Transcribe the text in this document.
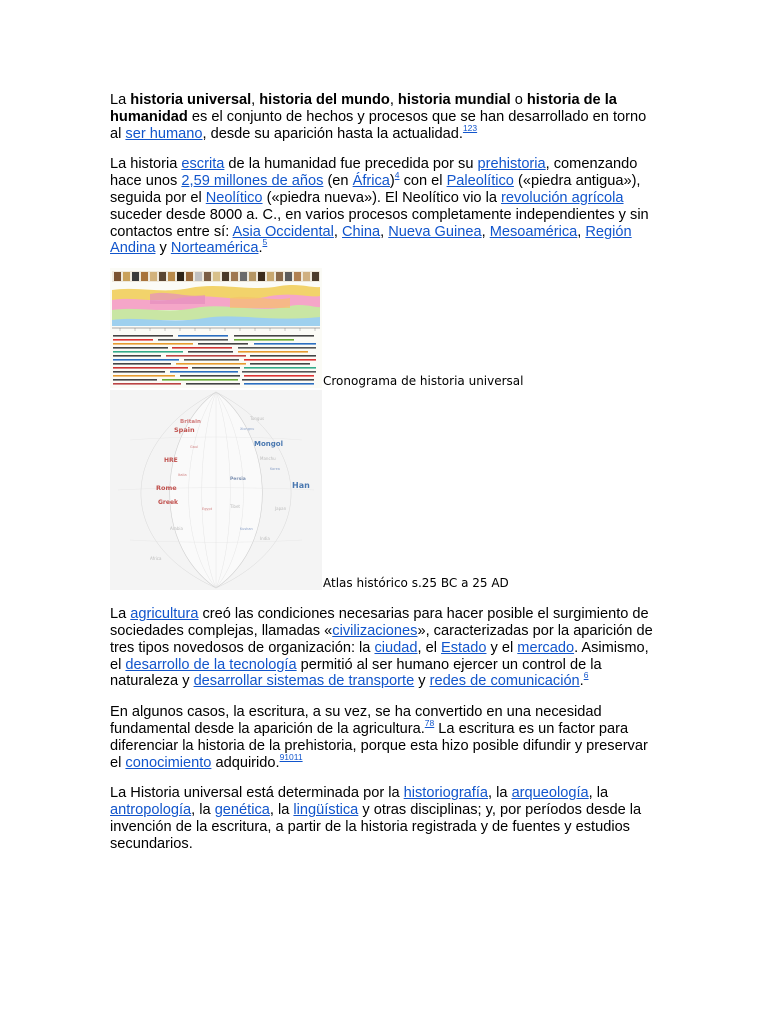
La historia universal, historia del mundo, historia mundial o historia de la humanidad es el conjunto de hechos y procesos que se han desarrollado en torno al ser humano, desde su aparición hasta la actualidad.$^{123}$

La historia escrita de la humanidad fue precedida por su prehistoria, comenzando hace unos 2,59 millones de años (en África)$^4$ con el Paleolítico («piedra antigua»), seguida por el Neolítico («piedra nueva»). El Neolítico vio la revolución agrícola suceder desde 8000 a. C., en varios procesos completamente independientes y sin contactos entre sí: Asia Occidental, China, Nueva Guinea, Mesoamérica, Región Andina y Norteamérica.$^5$

Cronograma de historia universal
Tungus
Manchu
Tibet
Arabia
India
Africa
Japan
Britain
Spain
HRE
Mongol
Rome
Greek
Han
Persia
Gaul
Italia
Egypt
Xiongnu
Korea
Kushan
Atlas histórico s.25 BC a 25 AD

La agricultura creó las condiciones necesarias para hacer posible el surgimiento de sociedades complejas, llamadas «civilizaciones», caracterizadas por la aparición de tres tipos novedosos de organización: la ciudad, el Estado y el mercado. Asimismo, el desarrollo de la tecnología permitió al ser humano ejercer un control de la naturaleza y desarrollar sistemas de transporte y redes de comunicación.$^6$

En algunos casos, la escritura, a su vez, se ha convertido en una necesidad fundamental desde la aparición de la agricultura.$^{78}$ La escritura es un factor para diferenciar la historia de la prehistoria, porque esta hizo posible difundir y preservar el conocimiento adquirido.$^{91011}$

La Historia universal está determinada por la historiografía, la arqueología, la antropología, la genética, la lingüística y otras disciplinas; y, por períodos desde la invención de la escritura, a partir de la historia registrada y de fuentes y estudios secundarios.
